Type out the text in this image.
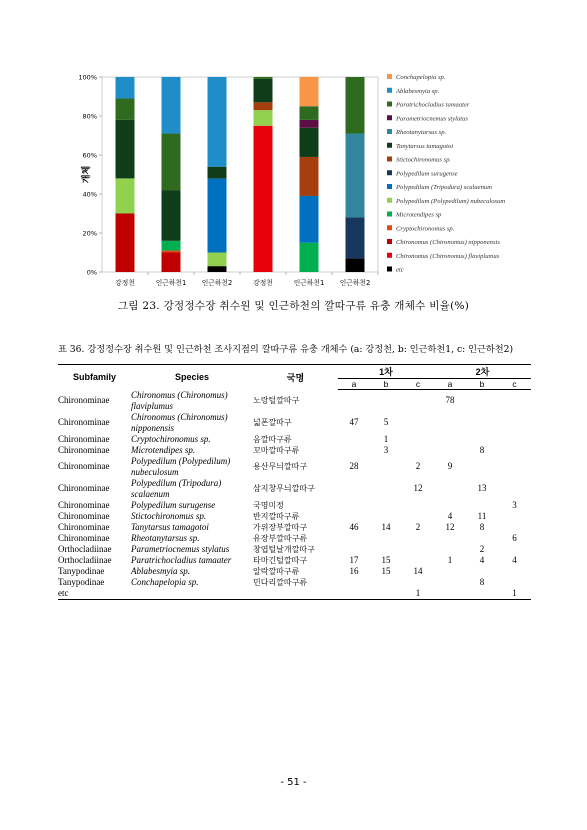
0%
20%
40%
60%
80%
100%
개체
강정천	인근하천1 인근하천2	강정천	인근하천1 인근하천2
Conchapelopia sp.
Ablabesmyia sp.
Paratrichocladius tamaater
Parametriocnemus stylatus
Rheotanytarsus sp.
Tanytarsus tamagotoi
Stictochironomus sp.
Polypedilum surugense
Polypedilum (Tripodura) scalaenum
Polypedilum (Polypedilum) nubeculosum
Microtendipes sp
Cryptochironomus sp.
Chironomus (Chironomus) nipponensis
Chironomus (Chironomus) flaviplumus
etc
그림 23. 강정정수장 취수원 및 인근하천의 깔따구류 유충 개체수 비율(%)
표 36. 강정정수장 취수원 및 인근하천 조사지점의 깔따구류 유충 개체수 (a: 강정천, b: 인근하천1, c: 인근하천2)
Subfamily	Species	국명	1차			2차		
			a	b	c	a	b	c
Chironominae	Chironomus (Chironomus) flaviplumus	노랑털깔따구				78		
Chironominae	Chironomus (Chironomus) nipponensis	넓폰깔따구	47	5				
Chironominae	Cryptochironomus sp.	음깔따구류		1				
Chironominae	Microtendipes sp.	꼬마깔따구류		3			8	
Chironominae	Polypedilum (Polypedilum) nubeculosum	용산무늬깔따구	28		2	9		
Chironominae	Polypedilum (Tripodura) scalaenum	삼지창무늬깔따구			12		13	
Chironominae	Polypedilum surugense	국명미정						3
Chironominae	Stictochironomus sp.	반지깔따구류				4	11	
Chironominae	Tanytarsus tamagotoi	가위장부깔따구	46	14	2	12	8	
Chironominae	Rheotanytarsus sp.	유장부깔따구류						6
Orthocladiinae	Parametriocnemus stylatus	창엽털날개깔따구					2	
Orthocladiinae	Paratrichocladius tamaater	타마긴털깔따구	17	15		1	4	4
Tanypodinae	Ablabesmyia sp.	알락깔따구류	16	15	14			
Tanypodinae	Conchapelopia sp.	민다리깔따구류					8	
etc					1			1
- 51 -
